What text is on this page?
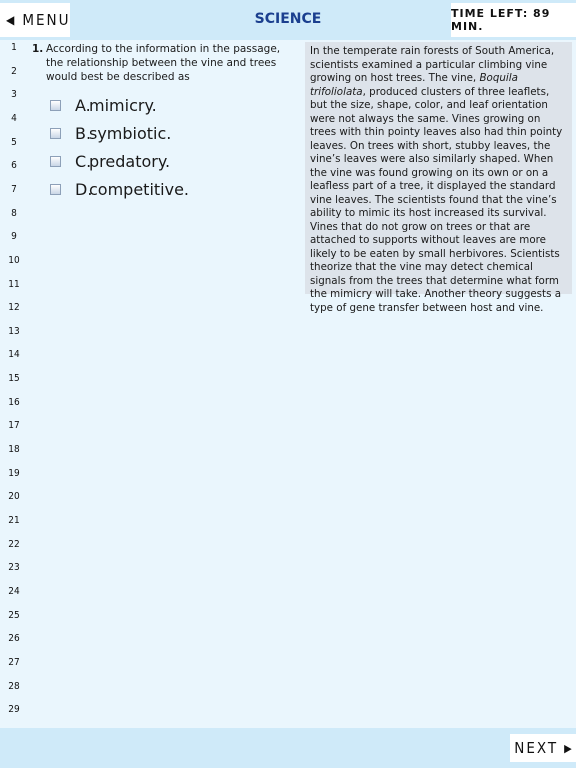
◀ MENU	SCIENCE	TIME LEFT: 89 MIN.
1
2
3
4
5
6
7
8
9
10
11
12
13
14
15
16
17
18
19
20
21
22
23
24
25
26
27
28
29
1. According to the information in the passage, the relationship between the vine and trees would best be described as
A.
mimicry.
B.
symbiotic.
C.
predatory.
D.
competitive.
In the temperate rain forests of South America, scientists examined a particular climbing vine growing on host trees. The vine, Boquila trifoliolata, produced clusters of three leaflets, but the size, shape, color, and leaf orientation were not always the same. Vines growing on trees with thin pointy leaves also had thin pointy leaves. On trees with short, stubby leaves, the vine’s leaves were also similarly shaped. When the vine was found growing on its own or on a leafless part of a tree, it displayed the standard vine leaves. The scientists found that the vine’s ability to mimic its host increased its survival. Vines that do not grow on trees or that are attached to supports without leaves are more likely to be eaten by small herbivores. Scientists theorize that the vine may detect chemical signals from the trees that determine what form the mimicry will take. Another theory suggests a type of gene transfer between host and vine.
NEXT ▶
